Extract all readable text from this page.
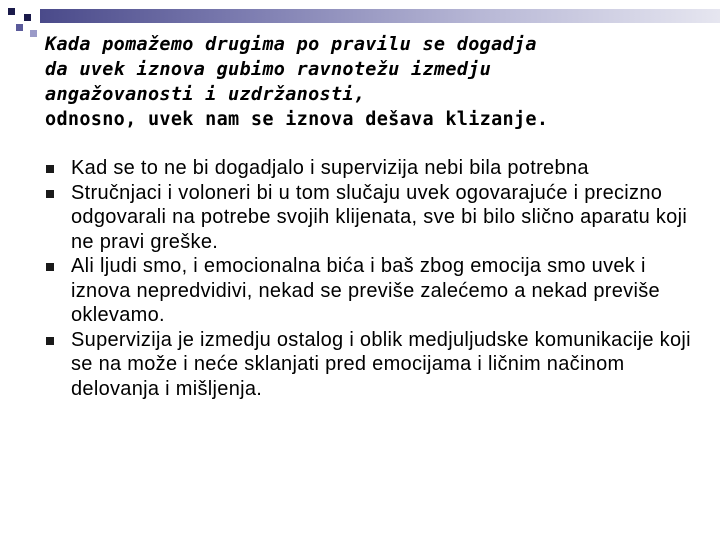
Kada pomažemo drugima po pravilu se dogadja
da uvek iznova gubimo ravnotežu izmedju
angažovanosti i uzdržanosti,
odnosno, uvek nam se iznova dešava klizanje.
Kad se to ne bi dogadjalo i supervizija nebi bila potrebna
Stručnjaci i voloneri bi u tom slučaju uvek ogovarajuće i precizno odgovarali na potrebe svojih klijenata, sve bi bilo slično aparatu koji ne pravi greške.
Ali ljudi smo, i emocionalna bića i baš zbog emocija smo uvek i iznova nepredvidivi, nekad se previše zalećemo a nekad previše oklevamo.
Supervizija je izmedju ostalog i oblik medjuljudske komunikacije koji se na može i neće sklanjati pred emocijama i ličnim načinom delovanja i mišljenja.
